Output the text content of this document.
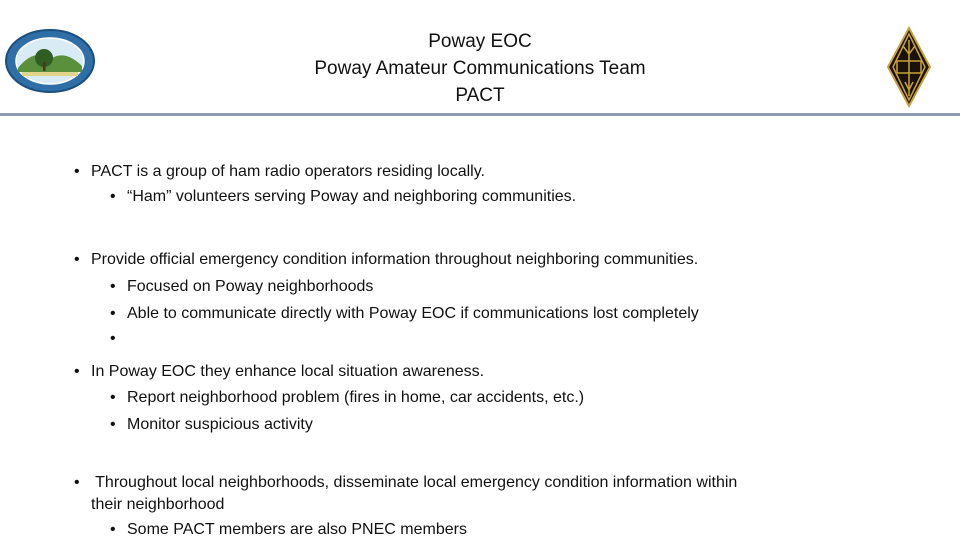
Poway EOC
Poway Amateur Communications Team
PACT
• PACT is a group of ham radio operators residing locally.
• “Ham” volunteers serving Poway and neighboring communities.
• Provide official emergency condition information throughout neighboring communities.
• Focused on Poway neighborhoods
• Able to communicate directly with Poway EOC if communications lost completely
•
• In Poway EOC they enhance local situation awareness.
• Report neighborhood problem (fires in home, car accidents, etc.)
• Monitor suspicious activity
• Throughout local neighborhoods, disseminate local emergency condition information within
their neighborhood
• Some PACT members are also PNEC members
